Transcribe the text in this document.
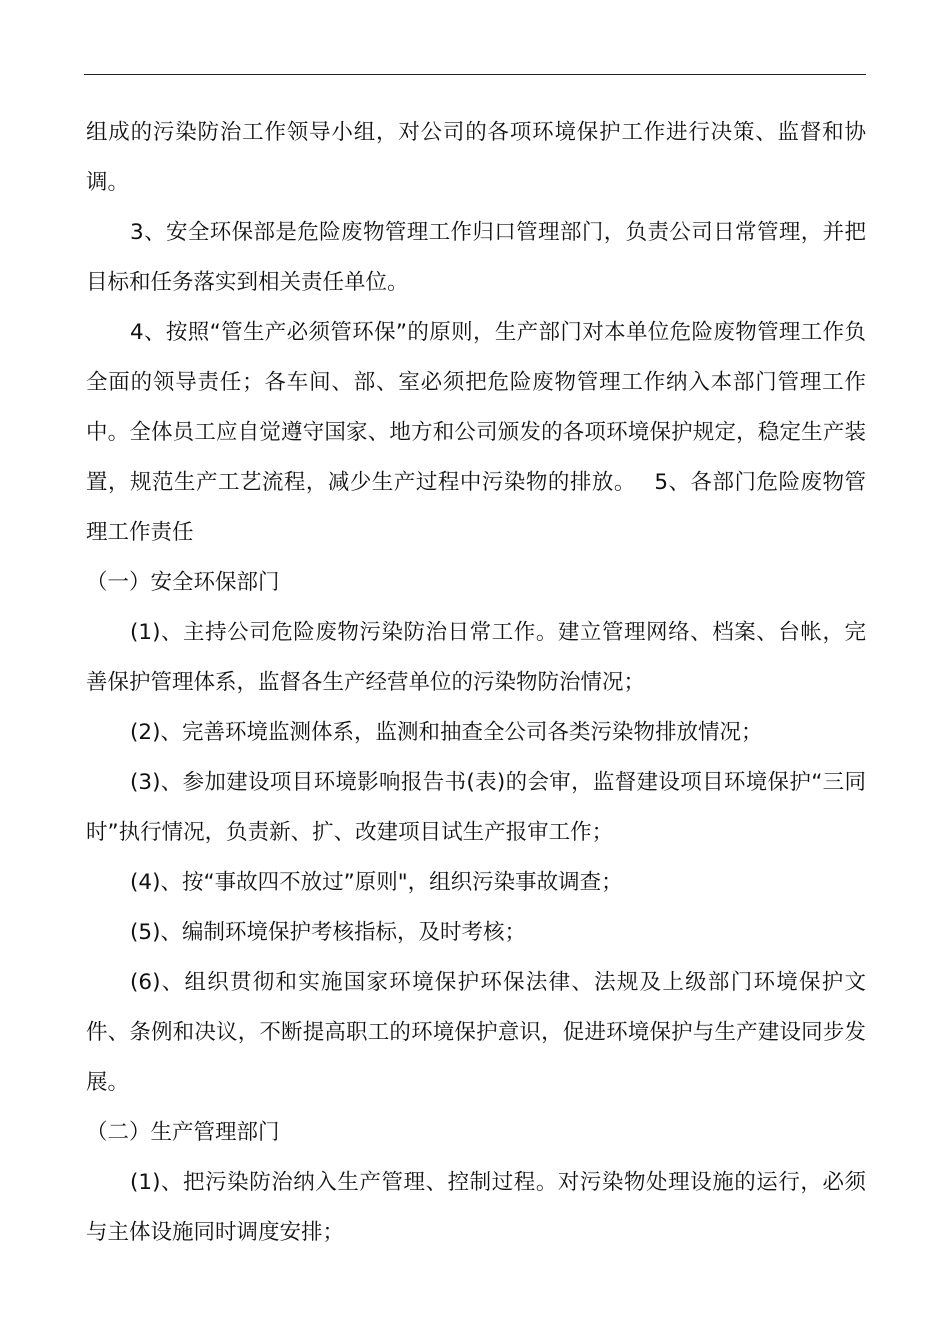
组成的污染防治工作领导小组，对公司的各项环境保护工作进行决策、监督和协调。

3、安全环保部是危险废物管理工作归口管理部门，负责公司日常管理，并把目标和任务落实到相关责任单位。

4、按照“管生产必须管环保”的原则，生产部门对本单位危险废物管理工作负全面的领导责任；各车间、部、室必须把危险废物管理工作纳入本部门管理工作中。全体员工应自觉遵守国家、地方和公司颁发的各项环境保护规定，稳定生产装置，规范生产工艺流程，减少生产过程中污染物的排放。　 5、各部门危险废物管理工作责任

（一）安全环保部门

(1)、主持公司危险废物污染防治日常工作。建立管理网络、档案、台帐，完善保护管理体系，监督各生产经营单位的污染物防治情况；

(2)、完善环境监测体系，监测和抽查全公司各类污染物排放情况；

(3)、参加建设项目环境影响报告书(表)的会审，监督建设项目环境保护“三同时”执行情况，负责新、扩、改建项目试生产报审工作；

(4)、按“事故四不放过”原则"，组织污染事故调查；

(5)、编制环境保护考核指标，及时考核；

(6)、组织贯彻和实施国家环境保护环保法律、法规及上级部门环境保护文件、条例和决议，不断提高职工的环境保护意识，促进环境保护与生产建设同步发展。

（二）生产管理部门

(1)、把污染防治纳入生产管理、控制过程。对污染物处理设施的运行，必须与主体设施同时调度安排；
